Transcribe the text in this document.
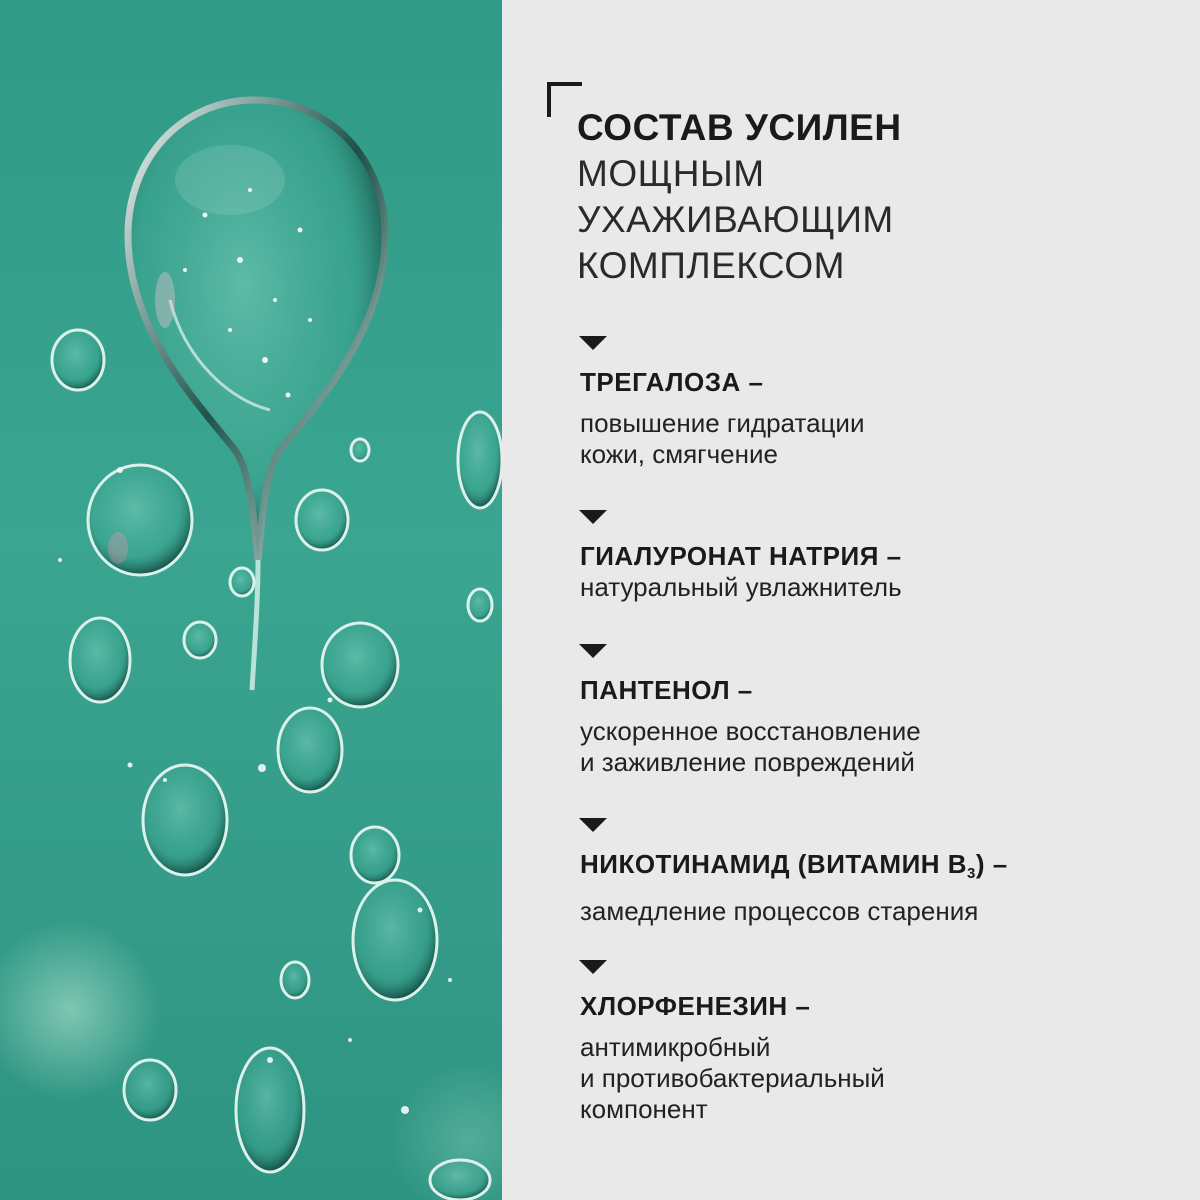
СОСТАВ УСИЛЕН
МОЩНЫМ
УХАЖИВАЮЩИМ
КОМПЛЕКСОМ
ТРЕГАЛОЗА –
повышение гидратации
кожи, смягчение
ГИАЛУРОНАТ НАТРИЯ –
натуральный увлажнитель
ПАНТЕНОЛ –
ускоренное восстановление
и заживление повреждений
НИКОТИНАМИД (ВИТАМИН $B_3$) –
замедление процессов старения
ХЛОРФЕНЕЗИН –
антимикробный
и противобактериальный
компонент
